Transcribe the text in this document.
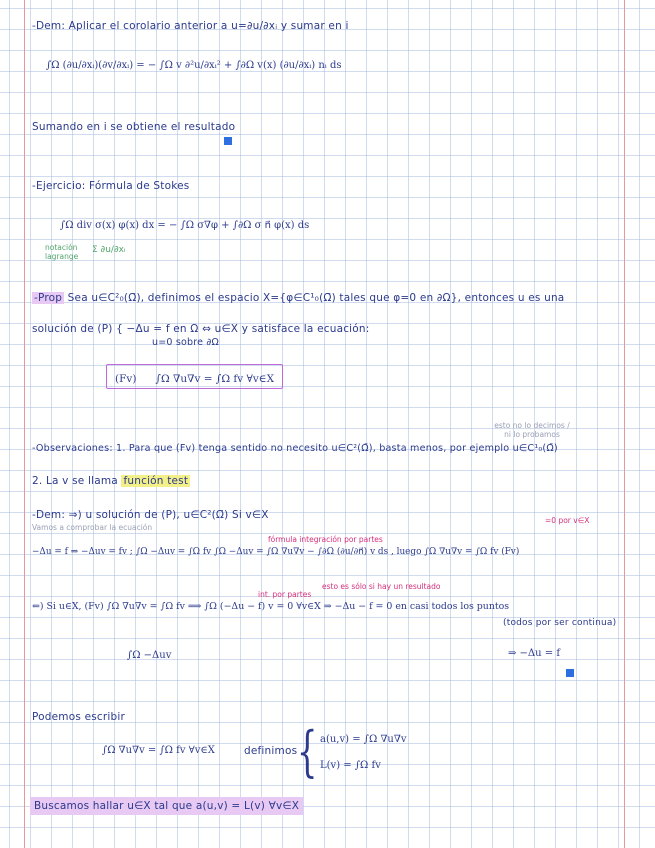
-Dem: Aplicar el corolario anterior a u=∂u/∂xᵢ y sumar en i
∫Ω (∂u/∂xᵢ)(∂v/∂xᵢ) = − ∫Ω v ∂²u/∂xᵢ² + ∫∂Ω v(x) (∂u/∂xᵢ) nᵢ ds
Sumando en i se obtiene el resultado
-Ejercicio: Fórmula de Stokes
∫Ω div σ(x) φ(x) dx = − ∫Ω σ∇φ + ∫∂Ω σ n⃗ φ(x) ds
notación lagrange
Σ ∂u/∂xᵢ
-Prop Sea u∈C²₀(Ω̄), definimos el espacio X={φ∈C¹₀(Ω̄) tales que φ=0 en ∂Ω}, entonces u es una
solución de (P) { −Δu = f en Ω ⇔ u∈X y satisface la ecuación:
u=0 sobre ∂Ω
(Fv) ∫Ω ∇u∇v = ∫Ω fv ∀v∈X
esto no lo decimos / ni lo probamos
-Observaciones: 1. Para que (Fv) tenga sentido no necesito u∈C²(Ω̄), basta menos, por ejemplo u∈C¹₀(Ω̄)
2. La v se llama función test
-Dem: ⇒) u solución de (P), u∈C²(Ω̄) Si v∈X
Vamos a comprobar la ecuación
fórmula integración por partes
=0 por v∈X
−Δu = f ⇒ −Δuv = fv ; ∫Ω −Δuv = ∫Ω fv ∫Ω −Δuv = ∫Ω ∇u∇v − ∫∂Ω (∂u/∂n⃗) v ds , luego ∫Ω ∇u∇v = ∫Ω fv (Fv)
esto es sólo si hay un resultado
int. por partes
⇐) Si u∈X, (Fv) ∫Ω ∇u∇v = ∫Ω fv ⟹ ∫Ω (−Δu − f) v = 0 ∀v∈X ⇒ −Δu − f = 0 en casi todos los puntos
(todos por ser continua)
∫Ω −Δuv	⇒ −Δu = f
Podemos escribir
∫Ω ∇u∇v = ∫Ω fv ∀v∈X	definimos { a(u,v) = ∫Ω ∇u∇v
L(v) = ∫Ω fv
Buscamos hallar u∈X tal que a(u,v) = L(v) ∀v∈X
